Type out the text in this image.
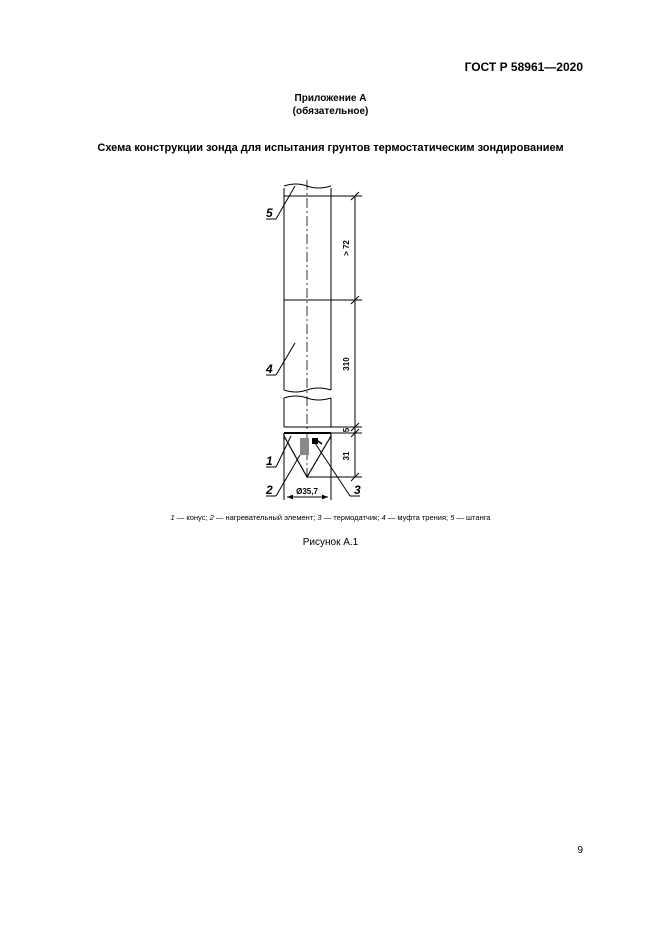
ГОСТ Р 58961—2020
Приложение А
(обязательное)
Схема конструкции зонда для испытания грунтов термостатическим зондированием
> 72
310
5
31
Ø35,7
5
4
1
2	3
1 — конус; 2 — нагревательный элемент; 3 — термодатчик; 4 — муфта трения; 5 — штанга
Рисунок А.1
9
